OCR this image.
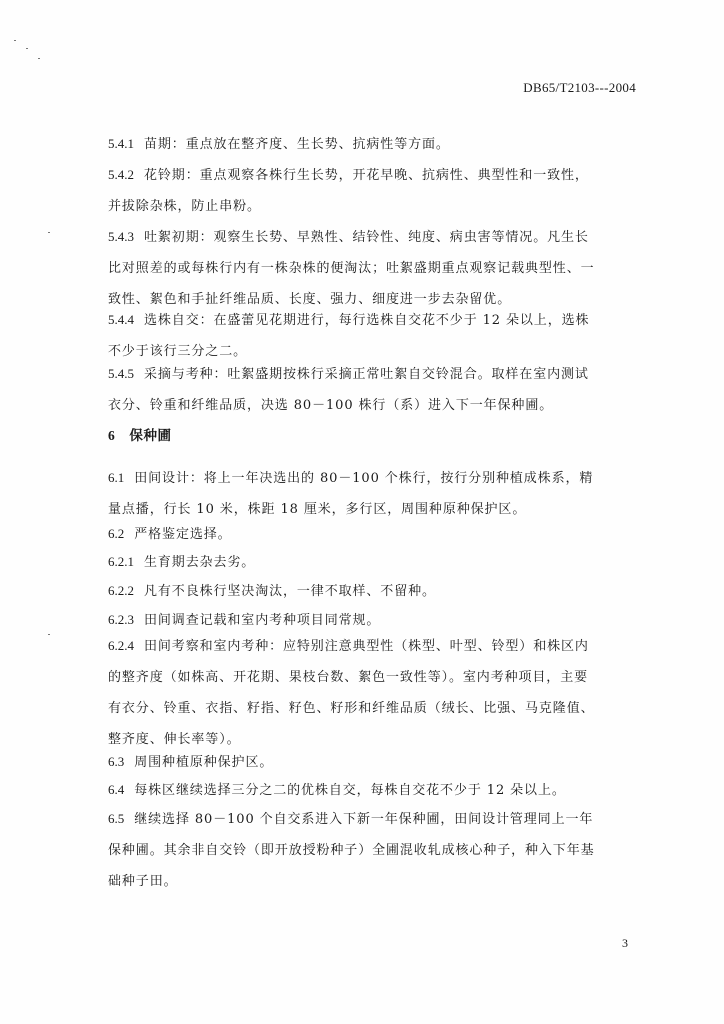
DB65/T2103---2004

5.4.1 苗期：重点放在整齐度、生长势、抗病性等方面。

5.4.2 花铃期：重点观察各株行生长势，开花早晚、抗病性、典型性和一致性，
并拔除杂株，防止串粉。

5.4.3 吐絮初期：观察生长势、早熟性、结铃性、纯度、病虫害等情况。凡生长
比对照差的或每株行内有一株杂株的便淘汰；吐絮盛期重点观察记载典型性、一
致性、絮色和手扯纤维品质、长度、强力、细度进一步去杂留优。

5.4.4 选株自交：在盛蕾见花期进行，每行选株自交花不少于 12 朵以上，选株
不少于该行三分之二。

5.4.5 采摘与考种：吐絮盛期按株行采摘正常吐絮自交铃混合。取样在室内测试
衣分、铃重和纤维品质，决选 80－100 株行（系）进入下一年保种圃。

6 保种圃

6.1 田间设计：将上一年决选出的 80－100 个株行，按行分别种植成株系，精
量点播，行长 10 米，株距 18 厘米，多行区，周围种原种保护区。

6.2 严格鉴定选择。

6.2.1 生育期去杂去劣。

6.2.2 凡有不良株行坚决淘汰，一律不取样、不留种。

6.2.3 田间调查记载和室内考种项目同常规。

6.2.4 田间考察和室内考种：应特别注意典型性（株型、叶型、铃型）和株区内
的整齐度（如株高、开花期、果枝台数、絮色一致性等）。室内考种项目，主要
有衣分、铃重、衣指、籽指、籽色、籽形和纤维品质（绒长、比强、马克隆值、
整齐度、伸长率等）。

6.3 周围种植原种保护区。

6.4 每株区继续选择三分之二的优株自交，每株自交花不少于 12 朵以上。

6.5 继续选择 80－100 个自交系进入下新一年保种圃，田间设计管理同上一年
保种圃。其余非自交铃（即开放授粉种子）全圃混收轧成核心种子，种入下年基
础种子田。

3
